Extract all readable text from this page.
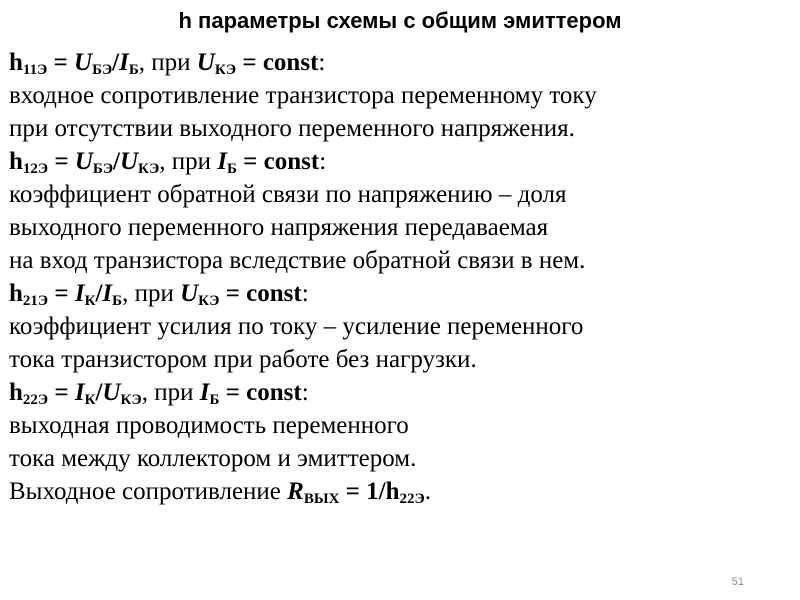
h параметры схемы с общим эмиттером
$h_{11Э} = U_{БЭ}/I_Б$, при $U_{КЭ}$ = const:
входное сопротивление транзистора переменному току
при отсутствии выходного переменного напряжения.
$h_{12Э} = U_{БЭ}/U_{КЭ}$, при $I_Б$ = const:
коэффициент обратной связи по напряжению – доля
выходного переменного напряжения передаваемая
на вход транзистора вследствие обратной связи в нем.
$h_{21Э} = I_К/I_Б$, при $U_{КЭ}$ = const:
коэффициент усилия по току – усиление переменного
тока транзистором при работе без нагрузки.
$h_{22Э} = I_К/U_{КЭ}$, при $I_Б$ = const:
выходная проводимость переменного
тока между коллектором и эмиттером.
Выходное сопротивление $R_{ВЫХ} = 1/h_{22Э}$.
51
